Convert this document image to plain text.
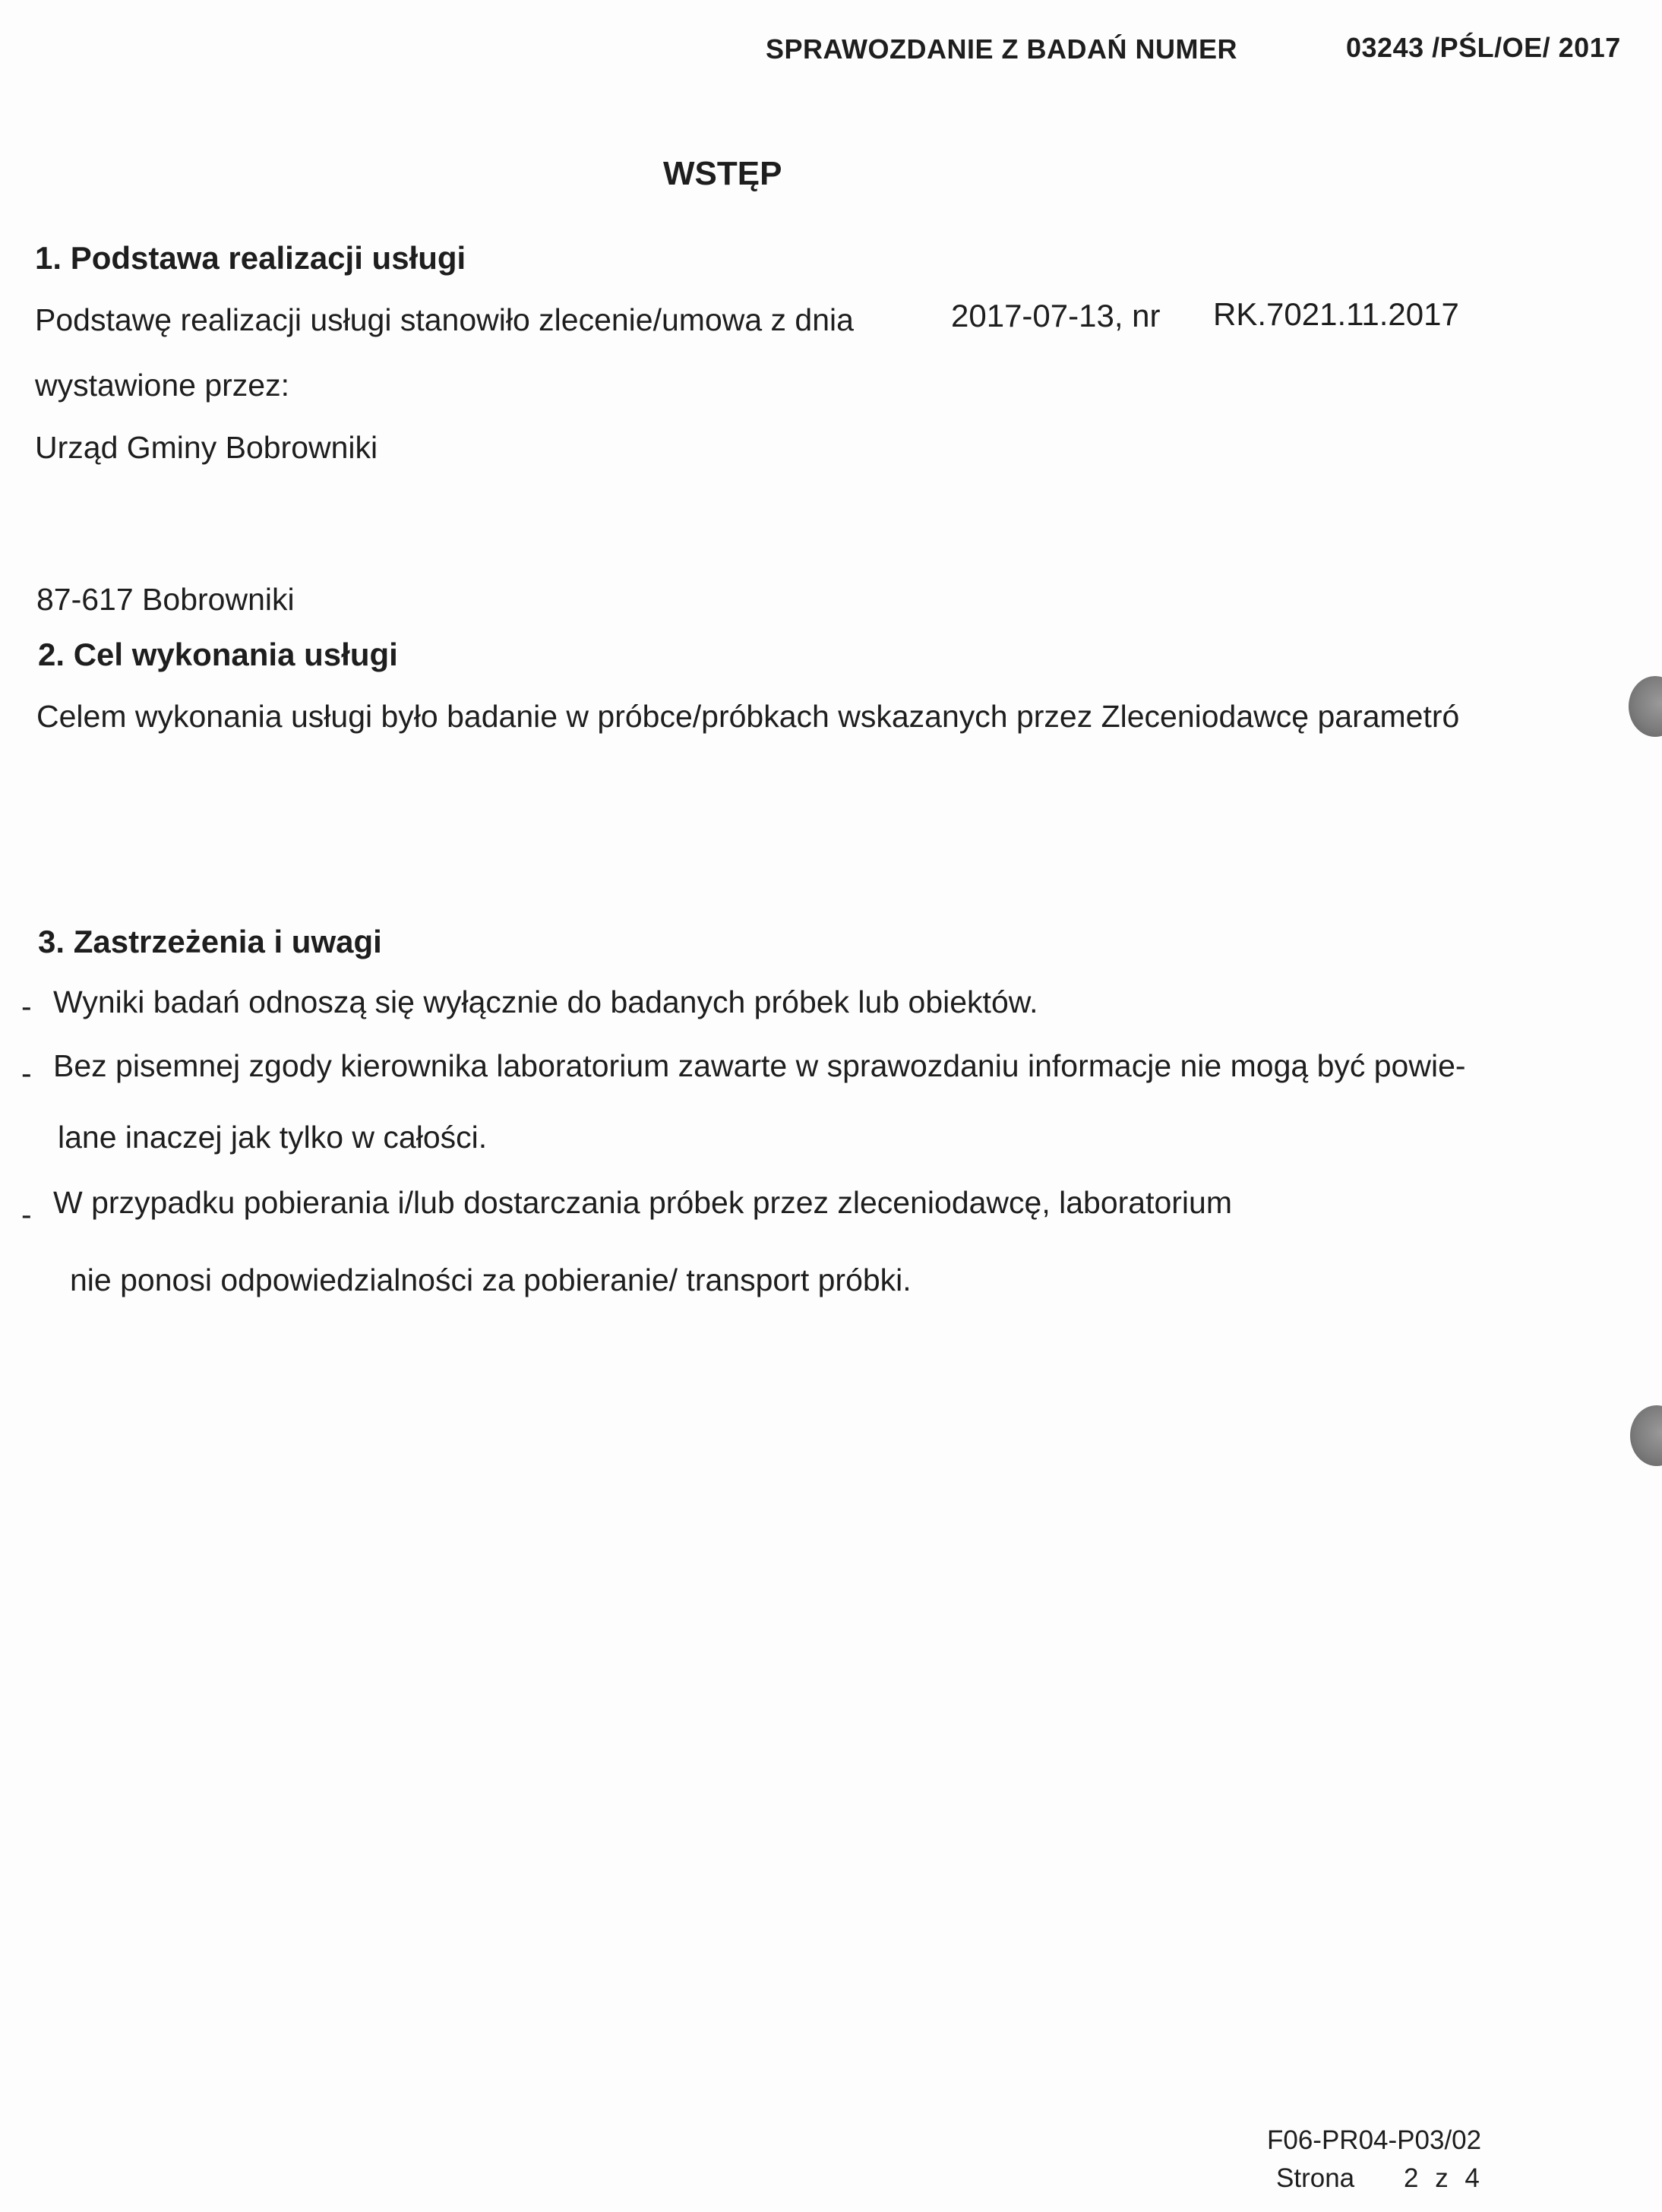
SPRAWOZDANIE Z BADAŃ NUMER	03243 /PŚL/OE/ 2017
WSTĘP
1. Podstawa realizacji usługi
Podstawę realizacji usługi stanowiło zlecenie/umowa z dnia	2017-07-13, nr RK.7021.11.2017
wystawione przez:
Urząd Gminy Bobrowniki
87-617 Bobrowniki
2. Cel wykonania usługi
Celem wykonania usługi było badanie w próbce/próbkach wskazanych przez Zleceniodawcę parametró
3. Zastrzeżenia i uwagi
- Wyniki badań odnoszą się wyłącznie do badanych próbek lub obiektów.
- Bez pisemnej zgody kierownika laboratorium zawarte w sprawozdaniu informacje nie mogą być powie-
lane inaczej jak tylko w całości.
- W przypadku pobierania i/lub dostarczania próbek przez zleceniodawcę, laboratorium
nie ponosi odpowiedzialności za pobieranie/ transport próbki.
F06-PR04-P03/02
Strona 2 z 4
